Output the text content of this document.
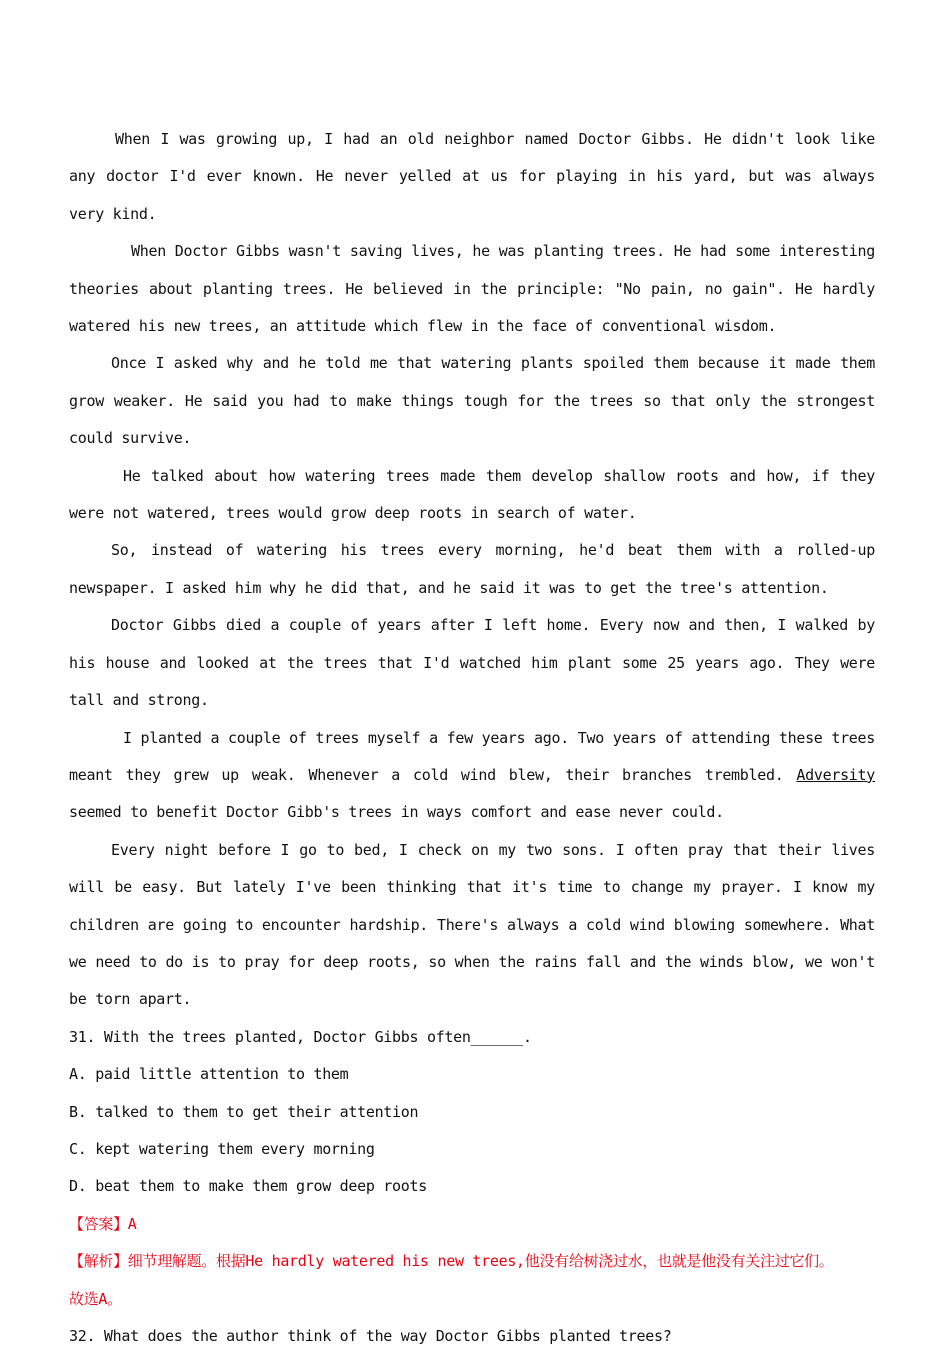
When I was growing up, I had an old neighbor named Doctor Gibbs. He didn't look like any doctor I'd ever known. He never yelled at us for playing in his yard, but was always very kind.

When Doctor Gibbs wasn't saving lives, he was planting trees. He had some interesting theories about planting trees. He believed in the principle: "No pain, no gain". He hardly watered his new trees, an attitude which flew in the face of conventional wisdom.

Once I asked why and he told me that watering plants spoiled them because it made them grow weaker. He said you had to make things tough for the trees so that only the strongest could survive.

He talked about how watering trees made them develop shallow roots and how, if they were not watered, trees would grow deep roots in search of water.

So, instead of watering his trees every morning, he'd beat them with a rolled-up newspaper. I asked him why he did that, and he said it was to get the tree's attention.

Doctor Gibbs died a couple of years after I left home. Every now and then, I walked by his house and looked at the trees that I'd watched him plant some 25 years ago. They were tall and strong.

I planted a couple of trees myself a few years ago. Two years of attending these trees meant they grew up weak. Whenever a cold wind blew, their branches trembled. Adversity seemed to benefit Doctor Gibb's trees in ways comfort and ease never could.

Every night before I go to bed, I check on my two sons. I often pray that their lives will be easy. But lately I've been thinking that it's time to change my prayer. I know my children are going to encounter hardship. There's always a cold wind blowing somewhere. What we need to do is to pray for deep roots, so when the rains fall and the winds blow, we won't be torn apart.

31. With the trees planted, Doctor Gibbs often______.

A. paid little attention to them

B. talked to them to get their attention

C. kept watering them every morning

D. beat them to make them grow deep roots

【答案】A

【解析】细节理解题。根据He hardly watered his new trees,他没有给树浇过水，也就是他没有关注过它们。

故选A。

32. What does the author think of the way Doctor Gibbs planted trees?
